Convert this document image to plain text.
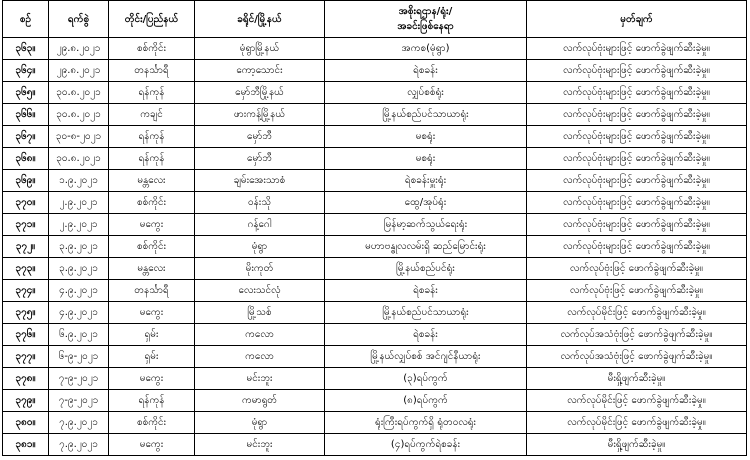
စဉ်	ရက်စွဲ	တိုင်း/ပြည်နယ်	ခရိုင်/မြို့နယ်	အစိုးရဌာန/ရုံး/
အခင်းဖြစ်နေရာ	မှတ်ချက်
၃၆၃။	၂၉.၈.၂၀၂၁	စစ်ကိုင်း	မုံရွာမြို့နယ်	အကစ(မုံရွာ)	လက်လုပ်ဗုံးများဖြင့် ဖောက်ခွဲဖျက်ဆီးခဲ့မှု။
၃၆၄။	၂၉.၈.၂၀၂၁	တနင်္သာရီ	ကော့သောင်း	ရဲစခန်း	လက်လုပ်ဗုံးများဖြင့် ဖောက်ခွဲဖျက်ဆီးခဲ့မှု။
၃၆၅။	၃၀.၈.၂၀၂၁	ရန်ကုန်	မှော်ဘီမြို့နယ်	လျှပ်စစ်ရုံး	လက်လုပ်ဗုံးများဖြင့် ဖောက်ခွဲဖျက်ဆီးခဲ့မှု။
၃၆၆။	၃၀.၈.၂၀၂၁	ကချင်	ဖားကန့်မြို့နယ်	မြို့နယ်စည်ပင်သာယာရုံး	လက်လုပ်ဗုံးများဖြင့် ဖောက်ခွဲဖျက်ဆီးခဲ့မှု။
၃၆၇။	၃၀-၈-၂၀၂၁	ရန်ကုန်	မှော်ဘီ	မစရုံး	လက်လုပ်ဗုံးများဖြင့် ဖောက်ခွဲဖျက်ဆီးခဲ့မှု။
၃၆၈။	၃၀.၈.၂၀၂၁	ရန်ကုန်	မှော်ဘီ	မစရုံး	လက်လုပ်ဗုံးများဖြင့် ဖောက်ခွဲဖျက်ဆီးခဲ့မှု။
၃၆၉။	၁.၉.၂၀၂၁	မန္တလေး	ချမ်းအေးသာစံ	ရဲစခန်းမှူးရုံး	လက်လုပ်ဗုံးများဖြင့် ဖောက်ခွဲဖျက်ဆီးခဲ့မှု။
၃၇၀။	၂.၉.၂၀၂၁	စစ်ကိုင်း	ဝန်းသို	ထွေ/အုပ်ရုံး	လက်လုပ်ဗုံးများဖြင့် ဖောက်ခွဲဖျက်ဆီးခဲ့မှု။
၃၇၁။	၂.၉.၂၀၂၁	မကွေး	ဂန့်ဂေါ	မြန်မာ့ဆက်သွယ်ရေးရုံး	လက်လုပ်ဗုံးများဖြင့် ဖောက်ခွဲဖျက်ဆီးခဲ့မှု။
၃၇၂။	၃.၉.၂၀၂၁	စစ်ကိုင်း	မုံရွာ	မဟာဗန္ဓုလလမ်းရှိ ဆည်မြောင်းရုံး	လက်လုပ်ဗုံးများဖြင့် ဖောက်ခွဲဖျက်ဆီးခဲ့မှု။
၃၇၃။	၃.၉.၂၀၂၁	မန္တလေး	မိုးကုတ်	မြို့နယ်စည်ပင်ရုံး	လက်လုပ်ဗုံးဖြင့် ဖောက်ခွဲဖျက်ဆီးခဲ့မှု။
၃၇၄။	၄.၉.၂၀၂၁	တနင်္သာရီ	လေးသင်လုံ	ရဲစခန်း	လက်လုပ်ဗုံးဖြင့် ဖောက်ခွဲဖျက်ဆီးခဲ့မှု။
၃၇၅။	၄.၉.၂၀၂၁	မကွေး	မြို့သစ်	မြို့နယ်စည်ပင်သာယာရုံး	လက်လုပ်မိုင်းဖြင့် ဖောက်ခွဲဖျက်ဆီးခဲ့မှု။
၃၇၆။	၆.၉.၂၀၂၁	ရှမ်း	ကလော	ရဲစခန်း	လက်လုပ်အသံဗုံးဖြင့် ဖောက်ခွဲဖျက်ဆီးခဲ့မှု။
၃၇၇။	၆-၉-၂၀၂၁	ရှမ်း	ကလော	မြို့နယ်လျှပ်စစ် အင်ဂျင်နီယာရုံး	လက်လုပ်အသံဗုံးဖြင့် ဖောက်ခွဲဖျက်ဆီးခဲ့မှု။
၃၇၈။	၇-၉-၂၀၂၁	မကွေး	မင်းဘူး	(၃)ရပ်ကွက်	မီးရှို့ဖျက်ဆီးခဲ့မှု။
၃၇၉။	၇-၉-၂၀၂၁	ရန်ကုန်	ကမာရွတ်	(၈)ရပ်ကွက်	လက်လုပ်မိုင်းဖြင့် ဖောက်ခွဲဖျက်ဆီးခဲ့မှု။
၃၈၀။	၇.၉.၂၀၂၁	စစ်ကိုင်း	မုံရွာ	ရုံးကြီးရပ်ကွက်ရှိ ရုံတဝလရုံး	လက်လုပ်မိုင်းဖြင့် ဖောက်ခွဲဖျက်ဆီးခဲ့မှု။
၃၈၁။	၇.၉.၂၀၂၁	မကွေး	မင်းဘူး	(၄)ရပ်ကွက်ရဲစခန်း	မီးရှို့ဖျက်ဆီးခဲ့မှု။
